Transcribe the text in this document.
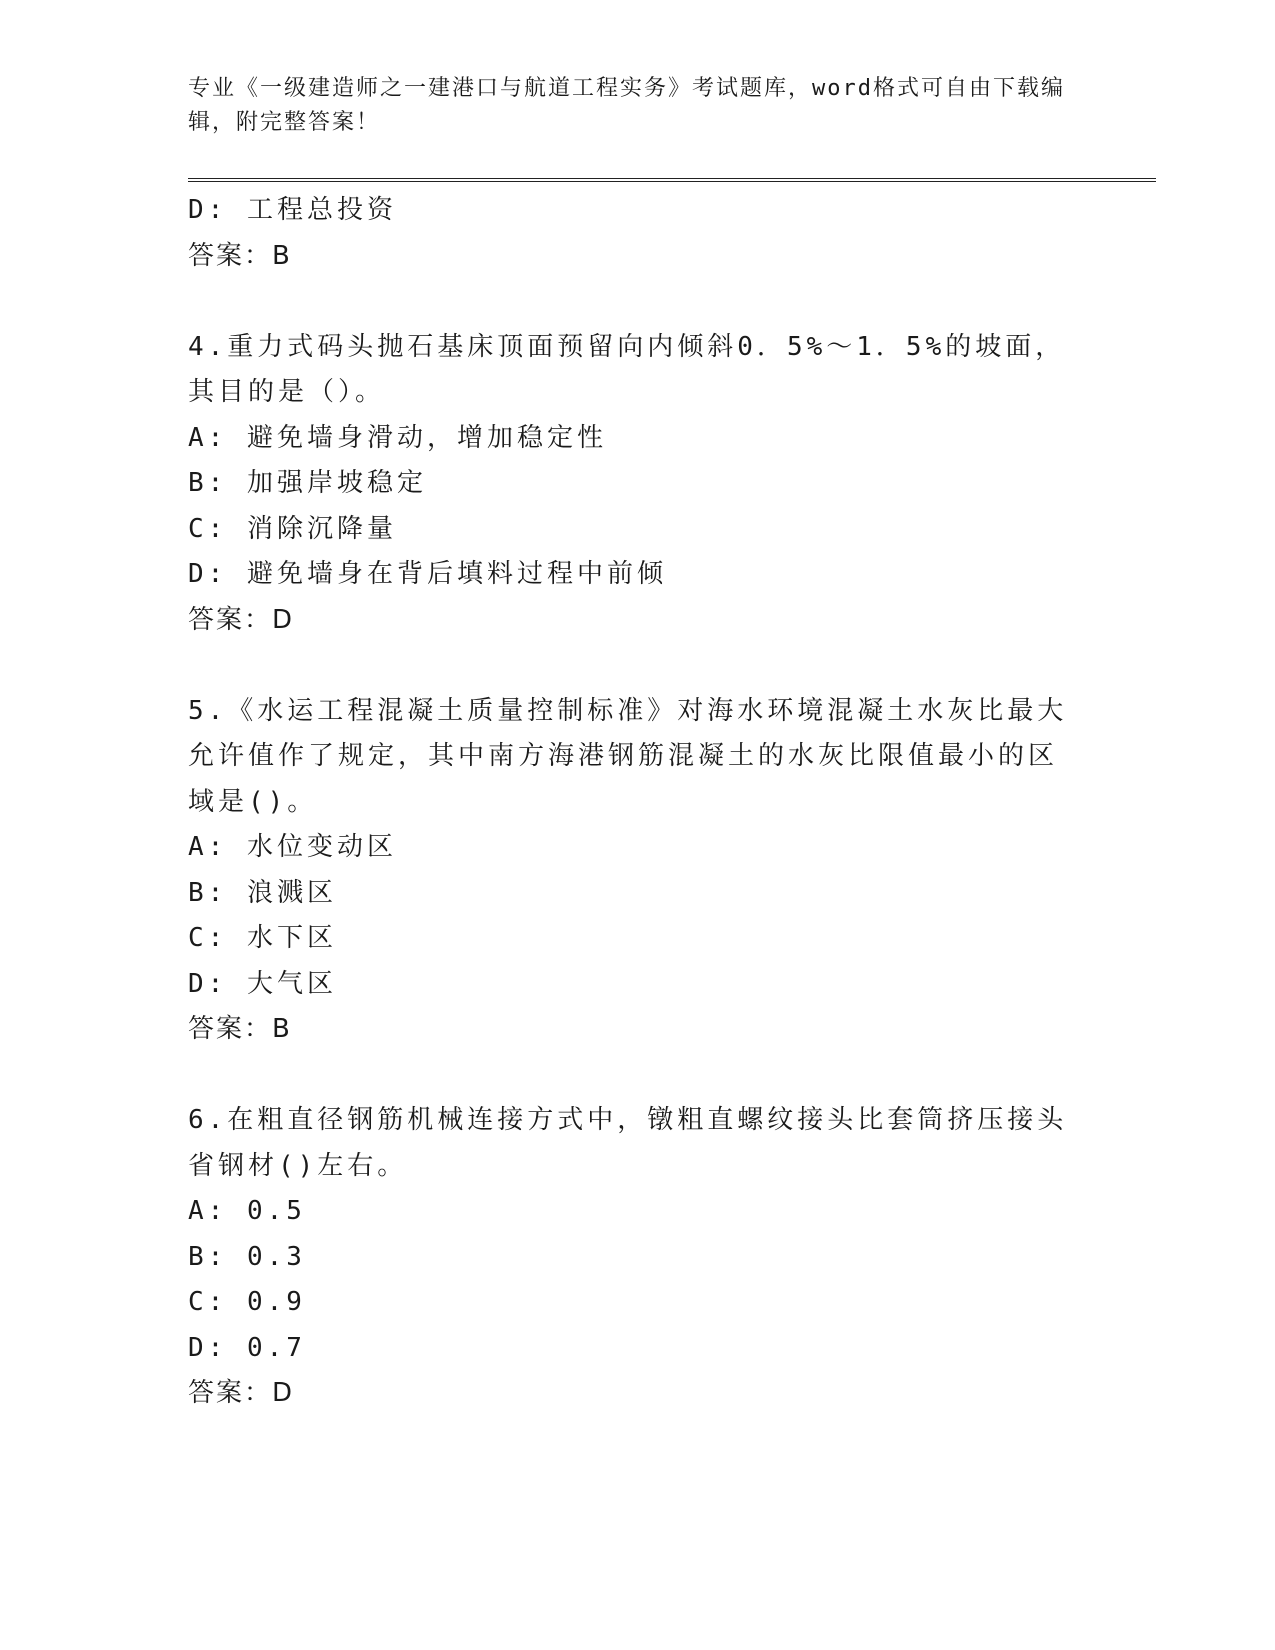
专业《一级建造师之一建港口与航道工程实务》考试题库，word格式可自由下载编辑，附完整答案！
D: 工程总投资
答案：B
4.重力式码头抛石基床顶面预留向内倾斜0．5%～1．5%的坡面，其目的是（）。
A: 避免墙身滑动，增加稳定性
B: 加强岸坡稳定
C: 消除沉降量
D: 避免墙身在背后填料过程中前倾
答案：D
5.《水运工程混凝土质量控制标准》对海水环境混凝土水灰比最大允许值作了规定，其中南方海港钢筋混凝土的水灰比限值最小的区域是()。
A: 水位变动区
B: 浪溅区
C: 水下区
D: 大气区
答案：B
6.在粗直径钢筋机械连接方式中，镦粗直螺纹接头比套筒挤压接头省钢材()左右。
A: 0.5
B: 0.3
C: 0.9
D: 0.7
答案：D
